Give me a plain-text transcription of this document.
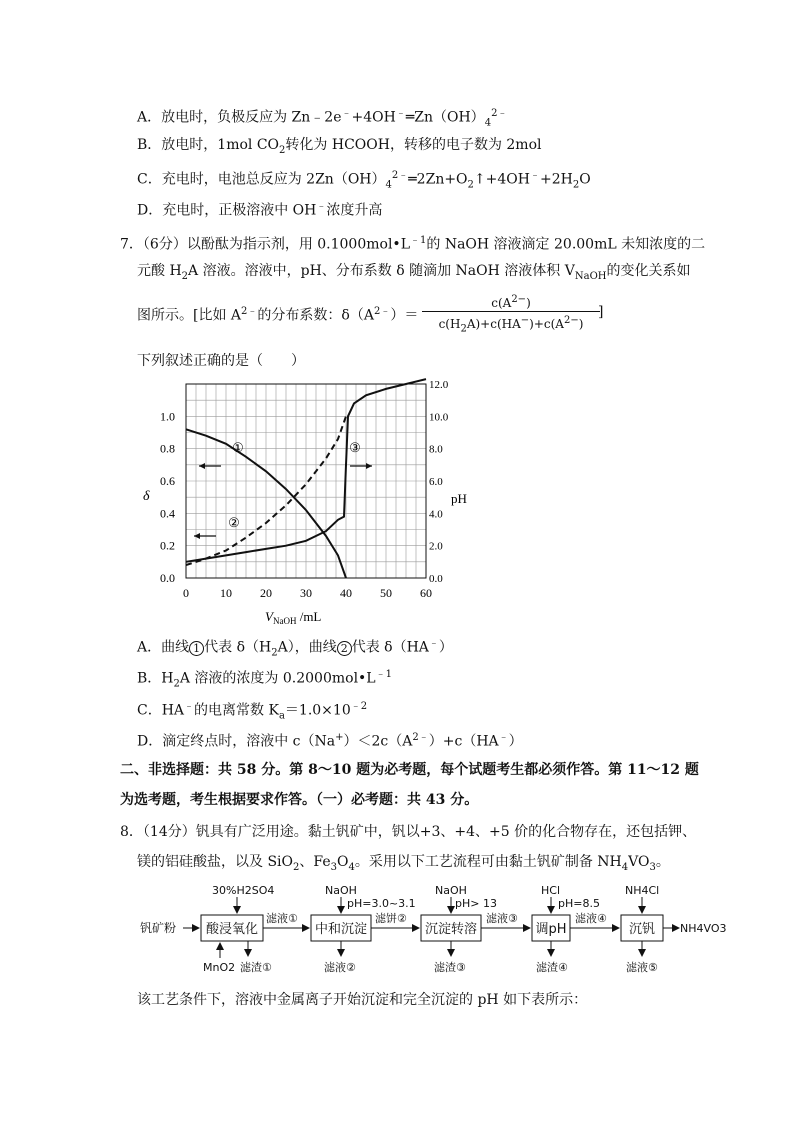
A．放电时，负极反应为 $Zn﹣2e^﹣+4OH^﹣═Zn(OH)_4^{2﹣}$
B．放电时，1mol $CO_2$转化为 HCOOH，转移的电子数为 2mol
C．充电时，电池总反应为 $2Zn(OH)_4^{2﹣}═2Zn+O_2↑+4OH^﹣+2H_2O$
D．充电时，正极溶液中 OH﹣浓度升高
7．（6分）以酚酞为指示剂，用 $0.1000mol•L^{﹣1}$的 NaOH 溶液滴定 20.00mL 未知浓度的二
元酸 $H_2A$ 溶液。溶液中，pH、分布系数 δ 随滴加 NaOH 溶液体积 $V_{NaOH}$的变化关系如
图所示。[比如 $A^{2﹣}$的分布系数：$\delta(A^{2﹣})= \frac{c(A^{2-})}{c(H_2A)+c(HA^-)+c(A^{2-})}$
]
下列叙述正确的是（　　）
0	10 20 30 40 50 60
0.0
0.2
0.4
0.6
0.8
1.0
0.0
2.0
4.0
6.0
8.0
10.0
12.0
δ	pH
$V_{NaOH}$ /mL
①
②
③
A．曲线 1 代表 $\delta(H_2A)$，曲线 2 代表 δ（HA﹣）
B．$H_2A$ 溶液的浓度为 $0.2000mol•L^{﹣1}$
C．HA﹣的电离常数 $K_a=1.0\times 10^{﹣2}$
D．滴定终点时，溶液中 $c(Na^+)<2c(A^{2﹣})+c(HA^﹣)$
二、非选择题：共 58 分。第 8～10 题为必考题，每个试题考生都必须作答。第 11～12 题
为选考题，考生根据要求作答。（一）必考题：共 43 分。
8．（14分）钒具有广泛用途。黏土钒矿中，钒以+3、+4、+5 价的化合物存在，还包括钾、
镁的铝硅酸盐，以及 SiO$_2$、$Fe_3O_4$。采用以下工艺流程可由黏土钒矿制备 $NH_4VO_3$。
钒矿粉 酸浸氧化	中和沉淀	沉淀转溶	调pH	沉钒 NH4VO3
30%H2SO4	NaOH	NaOH	HCl	NH4Cl
pH=3.0~3.1	pH> 13	pH=8.5
滤液①	滤饼②	滤液③	滤液④
MnO2 滤渣①	滤液②	滤渣③	滤渣④	滤液⑤
该工艺条件下，溶液中金属离子开始沉淀和完全沉淀的 pH 如下表所示：
